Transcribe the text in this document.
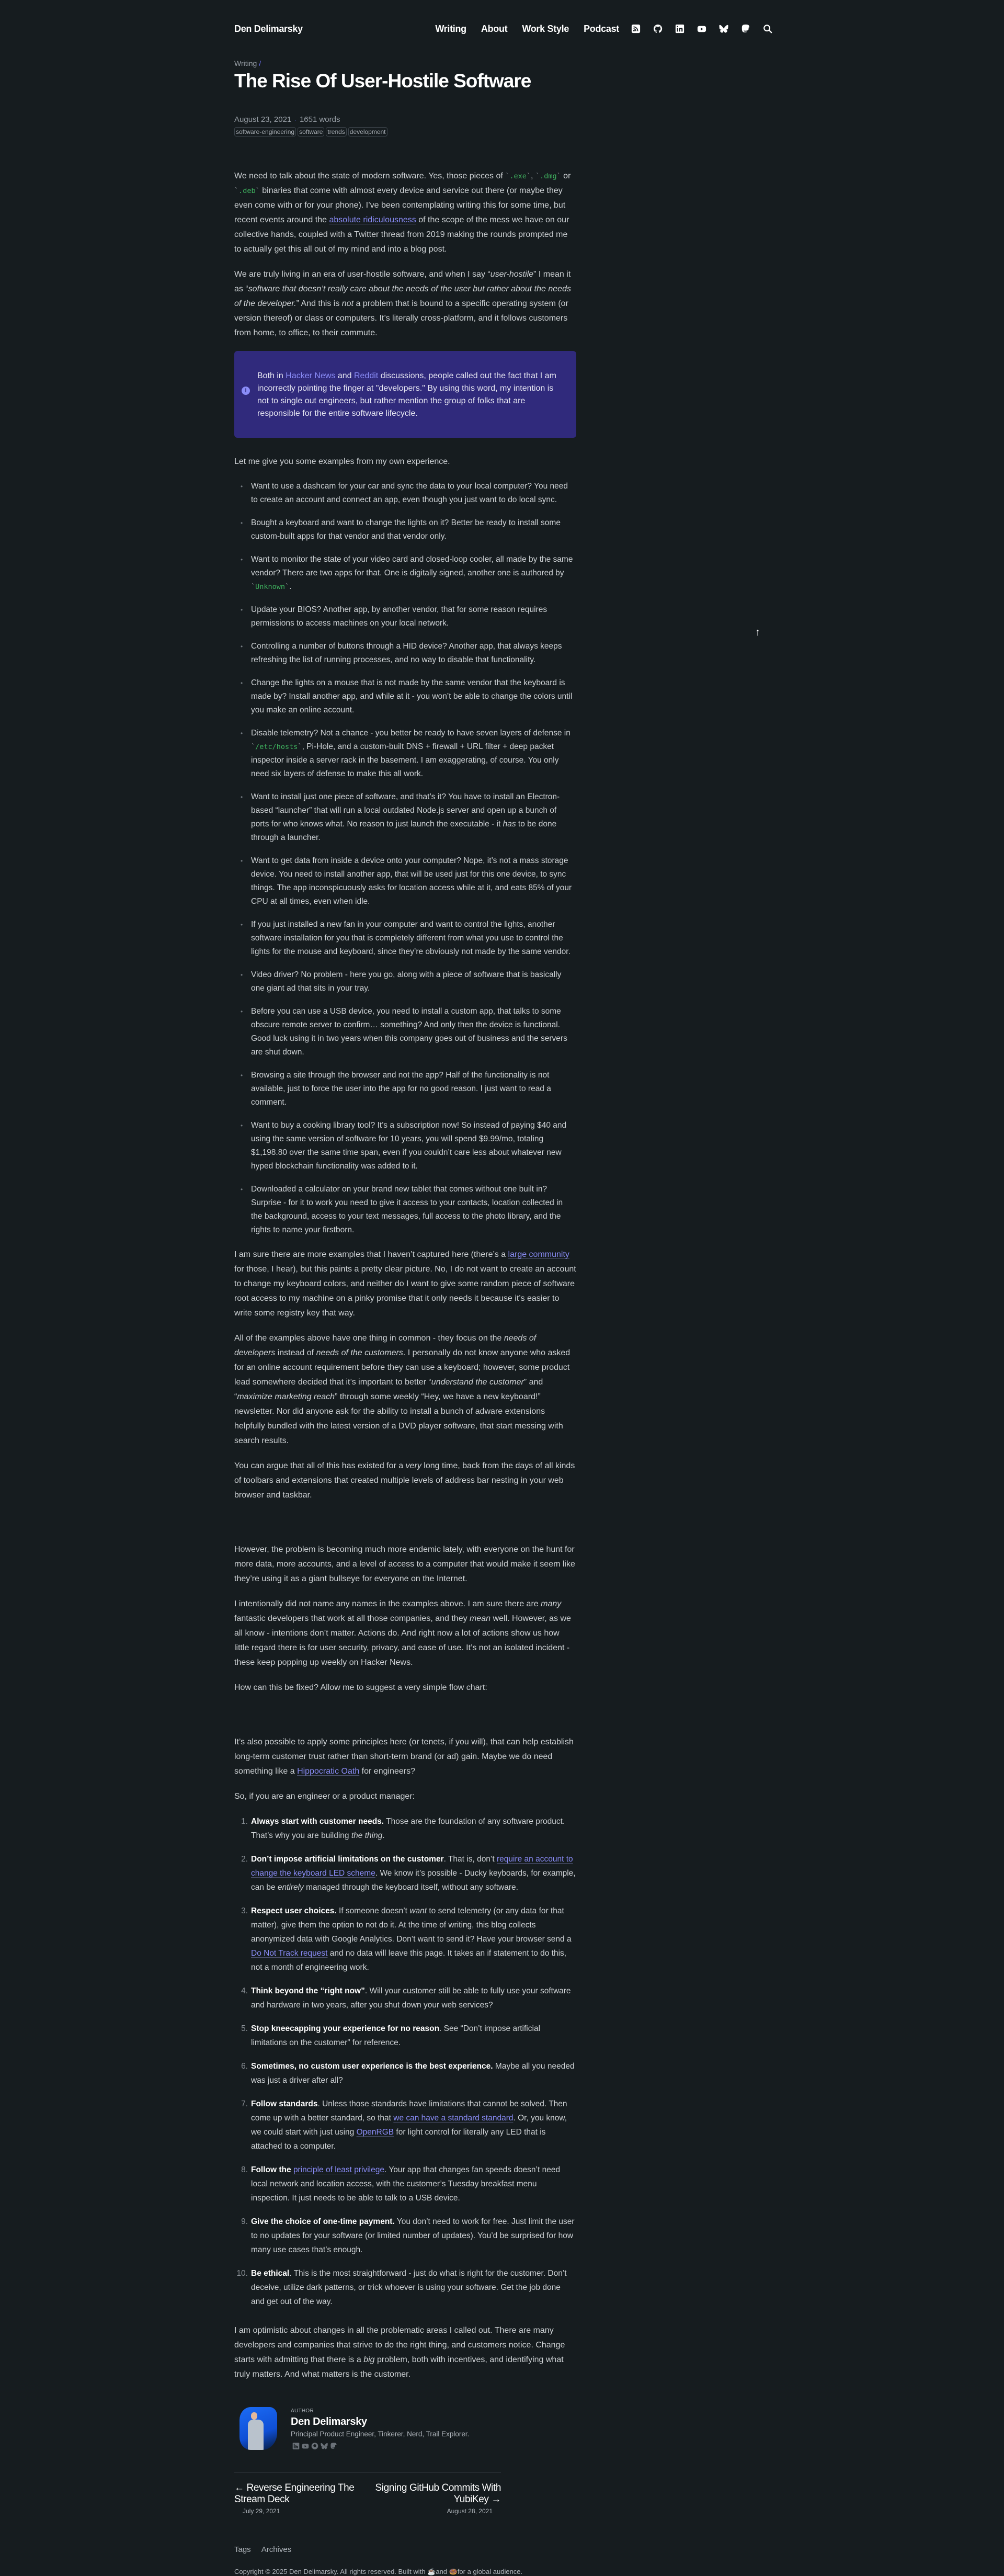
Den Delimarsky	Writing About Work Style Podcast
Writing /
The Rise Of User-Hostile Software
August 23, 2021 · 1651 words
software-engineering software trends development

We need to talk about the state of modern software. Yes, those pieces of ` .exe ` , ` .dmg ` or ` .deb ` binaries that come with almost every device and service out there (or maybe they even come with or for your phone). I’ve been contemplating writing this for some time, but recent events around the absolute ridiculousness of the scope of the mess we have on our collective hands, coupled with a Twitter thread from 2019 making the rounds prompted me to actually get this all out of my mind and into a blog post.

We are truly living in an era of user-hostile software, and when I say “user-hostile” I mean it as “software that doesn’t really care about the needs of the user but rather about the needs of the developer.” And this is not a problem that is bound to a specific operating system (or version thereof) or class or computers. It’s literally cross-platform, and it follows customers from home, to office, to their commute.

i
Both in Hacker News and Reddit discussions, people called out the fact that I am incorrectly pointing the finger at "developers." By using this word, my intention is not to single out engineers, but rather mention the group of folks that are responsible for the entire software lifecycle.

Let me give you some examples from my own experience.

• Want to use a dashcam for your car and sync the data to your local computer? You need to create an account and connect an app, even though you just want to do local sync.
• Bought a keyboard and want to change the lights on it? Better be ready to install some custom-built apps for that vendor and that vendor only.
• Want to monitor the state of your video card and closed-loop cooler, all made by the same vendor? There are two apps for that. One is digitally signed, another one is authored by ` Unknown ` .
• Update your BIOS? Another app, by another vendor, that for some reason requires permissions to access machines on your local network.
• Controlling a number of buttons through a HID device? Another app, that always keeps refreshing the list of running processes, and no way to disable that functionality.
• Change the lights on a mouse that is not made by the same vendor that the keyboard is made by? Install another app, and while at it - you won’t be able to change the colors until you make an online account.
• Disable telemetry? Not a chance - you better be ready to have seven layers of defense in ` /etc/hosts ` , Pi-Hole, and a custom-built DNS + firewall + URL filter + deep packet inspector inside a server rack in the basement. I am exaggerating, of course. You only need six layers of defense to make this all work.
• Want to install just one piece of software, and that’s it? You have to install an Electron-based “launcher” that will run a local outdated Node.js server and open up a bunch of ports for who knows what. No reason to just launch the executable - it has to be done through a launcher.
• Want to get data from inside a device onto your computer? Nope, it’s not a mass storage device. You need to install another app, that will be used just for this one device, to sync things. The app inconspicuously asks for location access while at it, and eats 85% of your CPU at all times, even when idle.
• If you just installed a new fan in your computer and want to control the lights, another software installation for you that is completely different from what you use to control the lights for the mouse and keyboard, since they’re obviously not made by the same vendor.
• Video driver? No problem - here you go, along with a piece of software that is basically one giant ad that sits in your tray.
• Before you can use a USB device, you need to install a custom app, that talks to some obscure remote server to confirm… something? And only then the device is functional. Good luck using it in two years when this company goes out of business and the servers are shut down.
• Browsing a site through the browser and not the app? Half of the functionality is not available, just to force the user into the app for no good reason. I just want to read a comment.
• Want to buy a cooking library tool? It’s a subscription now! So instead of paying $40 and using the same version of software for 10 years, you will spend $9.99/mo, totaling $1,198.80 over the same time span, even if you couldn’t care less about whatever new hyped blockchain functionality was added to it.
• Downloaded a calculator on your brand new tablet that comes without one built in? Surprise - for it to work you need to give it access to your contacts, location collected in the background, access to your text messages, full access to the photo library, and the rights to name your firstborn.

I am sure there are more examples that I haven’t captured here (there’s a large community for those, I hear), but this paints a pretty clear picture. No, I do not want to create an account to change my keyboard colors, and neither do I want to give some random piece of software root access to my machine on a pinky promise that it only needs it because it’s easier to write some registry key that way.

All of the examples above have one thing in common - they focus on the needs of developers instead of needs of the customers. I personally do not know anyone who asked for an online account requirement before they can use a keyboard; however, some product lead somewhere decided that it’s important to better “understand the customer” and “maximize marketing reach” through some weekly “Hey, we have a new keyboard!” newsletter. Nor did anyone ask for the ability to install a bunch of adware extensions helpfully bundled with the latest version of a DVD player software, that start messing with search results.

You can argue that all of this has existed for a very long time, back from the days of all kinds of toolbars and extensions that created multiple levels of address bar nesting in your web browser and taskbar.

However, the problem is becoming much more endemic lately, with everyone on the hunt for more data, more accounts, and a level of access to a computer that would make it seem like they’re using it as a giant bullseye for everyone on the Internet.

I intentionally did not name any names in the examples above. I am sure there are many fantastic developers that work at all those companies, and they mean well. However, as we all know - intentions don’t matter. Actions do. And right now a lot of actions show us how little regard there is for user security, privacy, and ease of use. It’s not an isolated incident - these keep popping up weekly on Hacker News.

How can this be fixed? Allow me to suggest a very simple flow chart:

It’s also possible to apply some principles here (or tenets, if you will), that can help establish long-term customer trust rather than short-term brand (or ad) gain. Maybe we do need something like a Hippocratic Oath for engineers?

So, if you are an engineer or a product manager:

1. Always start with customer needs. Those are the foundation of any software product. That’s why you are building the thing.
2. Don’t impose artificial limitations on the customer. That is, don’t require an account to change the keyboard LED scheme. We know it’s possible - Ducky keyboards, for example, can be entirely managed through the keyboard itself, without any software.
3. Respect user choices. If someone doesn’t want to send telemetry (or any data for that matter), give them the option to not do it. At the time of writing, this blog collects anonymized data with Google Analytics. Don’t want to send it? Have your browser send a Do Not Track request and no data will leave this page. It takes an if statement to do this, not a month of engineering work.
4. Think beyond the “right now”. Will your customer still be able to fully use your software and hardware in two years, after you shut down your web services?
5. Stop kneecapping your experience for no reason. See “Don’t impose artificial limitations on the customer” for reference.
6. Sometimes, no custom user experience is the best experience. Maybe all you needed was just a driver after all?
7. Follow standards. Unless those standards have limitations that cannot be solved. Then come up with a better standard, so that we can have a standard standard. Or, you know, we could start with just using OpenRGB for light control for literally any LED that is attached to a computer.
8. Follow the principle of least privilege. Your app that changes fan speeds doesn’t need local network and location access, with the customer’s Tuesday breakfast menu inspection. It just needs to be able to talk to a USB device.
9. Give the choice of one-time payment. You don’t need to work for free. Just limit the user to no updates for your software (or limited number of updates). You’d be surprised for how many use cases that’s enough.
10. Be ethical. This is the most straightforward - just do what is right for the customer. Don’t deceive, utilize dark patterns, or trick whoever is using your software. Get the job done and get out of the way.

I am optimistic about changes in all the problematic areas I called out. There are many developers and companies that strive to do the right thing, and customers notice. Change starts with admitting that there is a big problem, both with incentives, and identifying what truly matters. And what matters is the customer.

AUTHOR
Den Delimarsky
Principal Product Engineer, Tinkerer, Nerd, Trail Explorer.
← Reverse Engineering The Stream Deck
July 29, 2021
Signing GitHub Commits With YubiKey →
August 28, 2021
Tags Archives
Copyright © 2025 Den Delimarsky. All rights reserved. Built with ☕and 🍩for a global audience.
↑
